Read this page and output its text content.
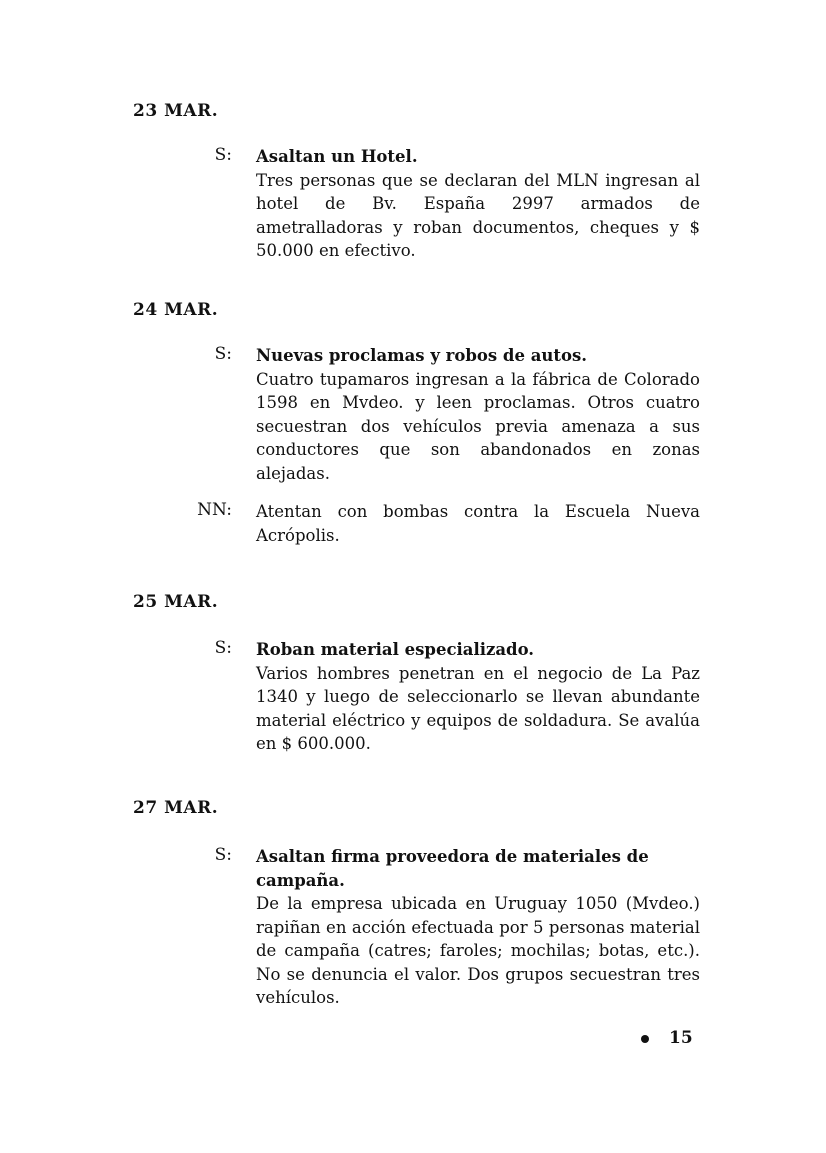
23 MAR.
S: Asaltan un Hotel.

Tres personas que se declaran del MLN ingresan al hotel de Bv. España 2997 armados de ametralladoras y roban documentos, cheques y $ 50.000 en efectivo.

24 MAR.
S: Nuevas proclamas y robos de autos.

Cuatro tupamaros ingresan a la fábrica de Colorado 1598 en Mvdeo. y leen proclamas. Otros cuatro secuestran dos vehículos previa amenaza a sus conductores que son abandonados en zonas alejadas.

NN: Atentan con bombas contra la Escuela Nueva Acrópolis.

25 MAR.
S: Roban material especializado.

Varios hombres penetran en el negocio de La Paz 1340 y luego de seleccionarlo se llevan abundante material eléctrico y equipos de soldadura. Se avalúa en $ 600.000.

27 MAR.
S: Asaltan firma proveedora de materiales de campaña.

De la empresa ubicada en Uruguay 1050 (Mvdeo.) rapiñan en acción efectuada por 5 personas material de campaña (catres; faroles; mochilas; botas, etc.). No se denuncia el valor. Dos grupos secuestran tres vehículos.

15
